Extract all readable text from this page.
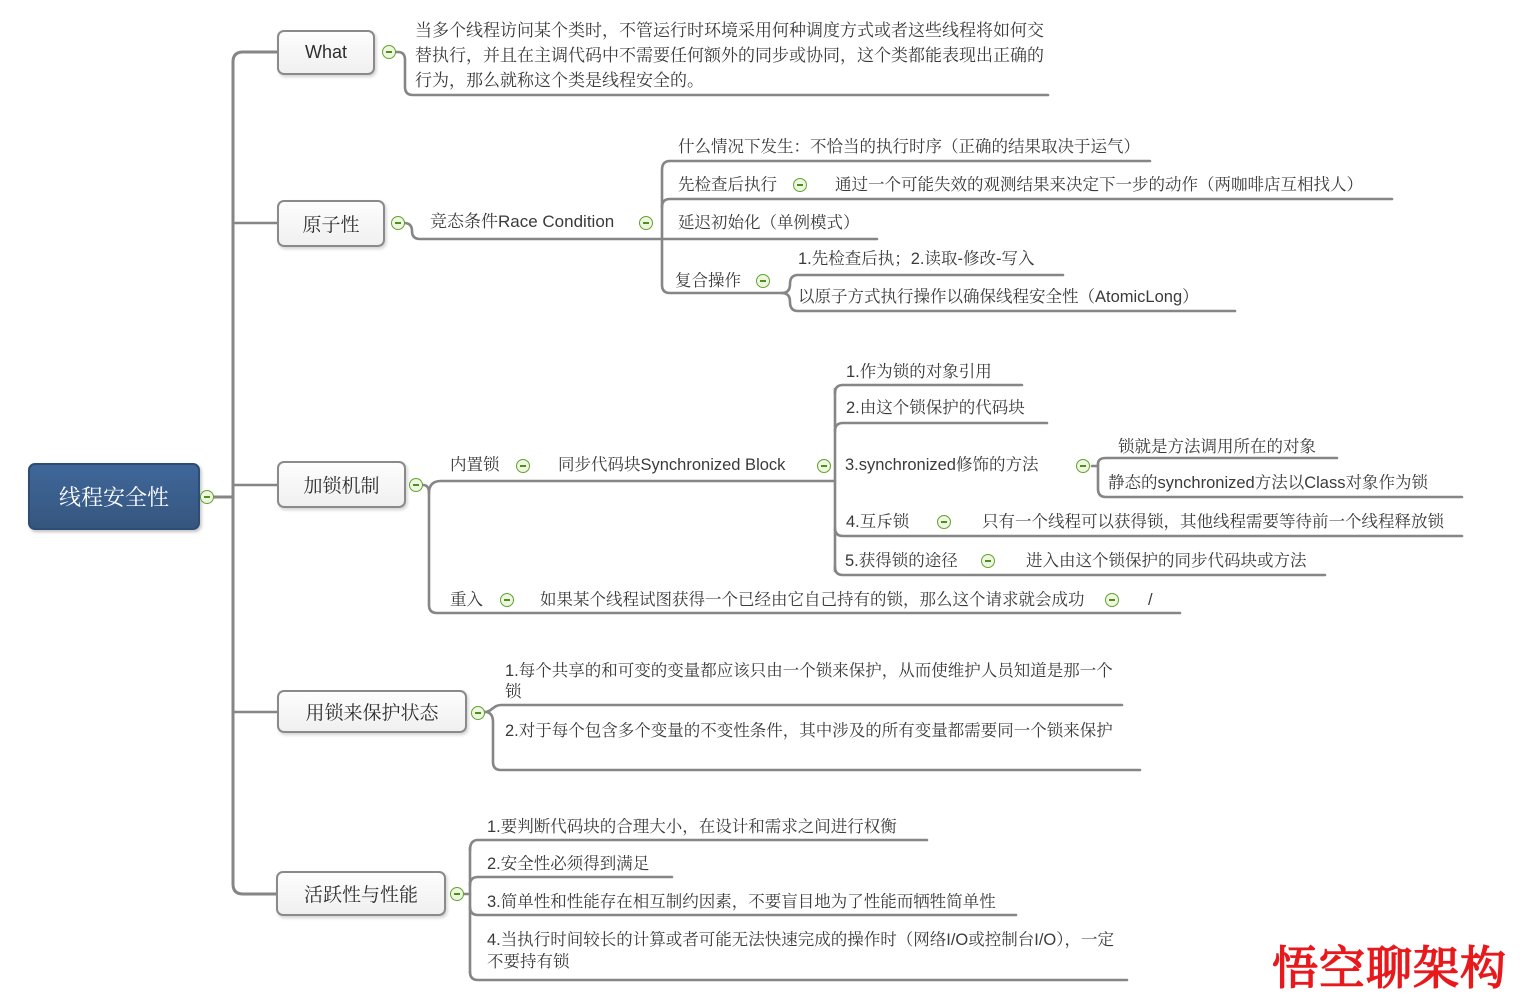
线程安全性
What
原子性
加锁机制
用锁来保护状态
活跃性与性能
当多个线程访问某个类时，不管运行时环境采用何种调度方式或者这些线程将如何交替执行，并且在主调代码中不需要任何额外的同步或协同，这个类都能表现出正确的行为，那么就称这个类是线程安全的。
竞态条件Race Condition
什么情况下发生：不恰当的执行时序（正确的结果取决于运气）
先检查后执行	通过一个可能失效的观测结果来决定下一步的动作（两咖啡店互相找人）
延迟初始化（单例模式）
复合操作
1.先检查后执；2.读取-修改-写入
以原子方式执行操作以确保线程安全性（AtomicLong）
内置锁	同步代码块Synchronized Block
1.作为锁的对象引用
2.由这个锁保护的代码块
3.synchronized修饰的方法
锁就是方法调用所在的对象
静态的synchronized方法以Class对象作为锁
4.互斥锁	只有一个线程可以获得锁，其他线程需要等待前一个线程释放锁
5.获得锁的途径	进入由这个锁保护的同步代码块或方法
重入	如果某个线程试图获得一个已经由它自己持有的锁，那么这个请求就会成功	/
1.每个共享的和可变的变量都应该只由一个锁来保护，从而使维护人员知道是那一个锁
2.对于每个包含多个变量的不变性条件，其中涉及的所有变量都需要同一个锁来保护
1.要判断代码块的合理大小，在设计和需求之间进行权衡
2.安全性必须得到满足
3.简单性和性能存在相互制约因素，不要盲目地为了性能而牺牲简单性
4.当执行时间较长的计算或者可能无法快速完成的操作时（网络I/O或控制台I/O），一定不要持有锁	悟空聊架构
